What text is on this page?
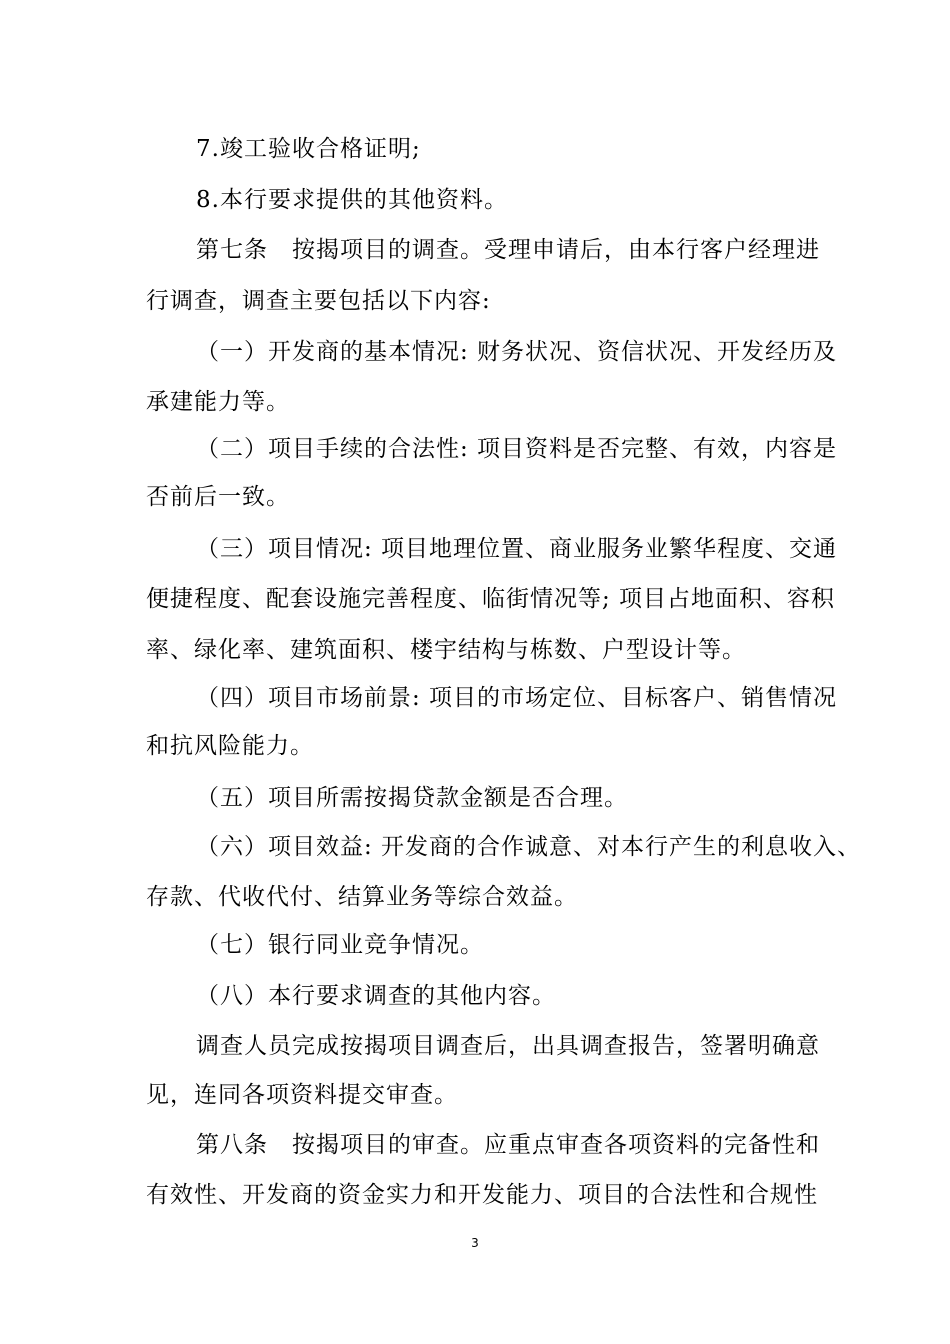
7.竣工验收合格证明;
8.本行要求提供的其他资料。
第七条　按揭项目的调查。受理申请后，由本行客户经理进
行调查，调查主要包括以下内容:
（一）开发商的基本情况: 财务状况、资信状况、开发经历及
承建能力等。
（二）项目手续的合法性: 项目资料是否完整、有效，内容是
否前后一致。
（三）项目情况: 项目地理位置、商业服务业繁华程度、交通
便捷程度、配套设施完善程度、临街情况等; 项目占地面积、容积
率、绿化率、建筑面积、楼宇结构与栋数、户型设计等。
（四）项目市场前景: 项目的市场定位、目标客户、销售情况
和抗风险能力。
（五）项目所需按揭贷款金额是否合理。
（六）项目效益: 开发商的合作诚意、对本行产生的利息收入、
存款、代收代付、结算业务等综合效益。
（七）银行同业竞争情况。
（八）本行要求调查的其他内容。
调查人员完成按揭项目调查后，出具调查报告，签署明确意
见，连同各项资料提交审查。
第八条　按揭项目的审查。应重点审查各项资料的完备性和
有效性、开发商的资金实力和开发能力、项目的合法性和合规性
3
